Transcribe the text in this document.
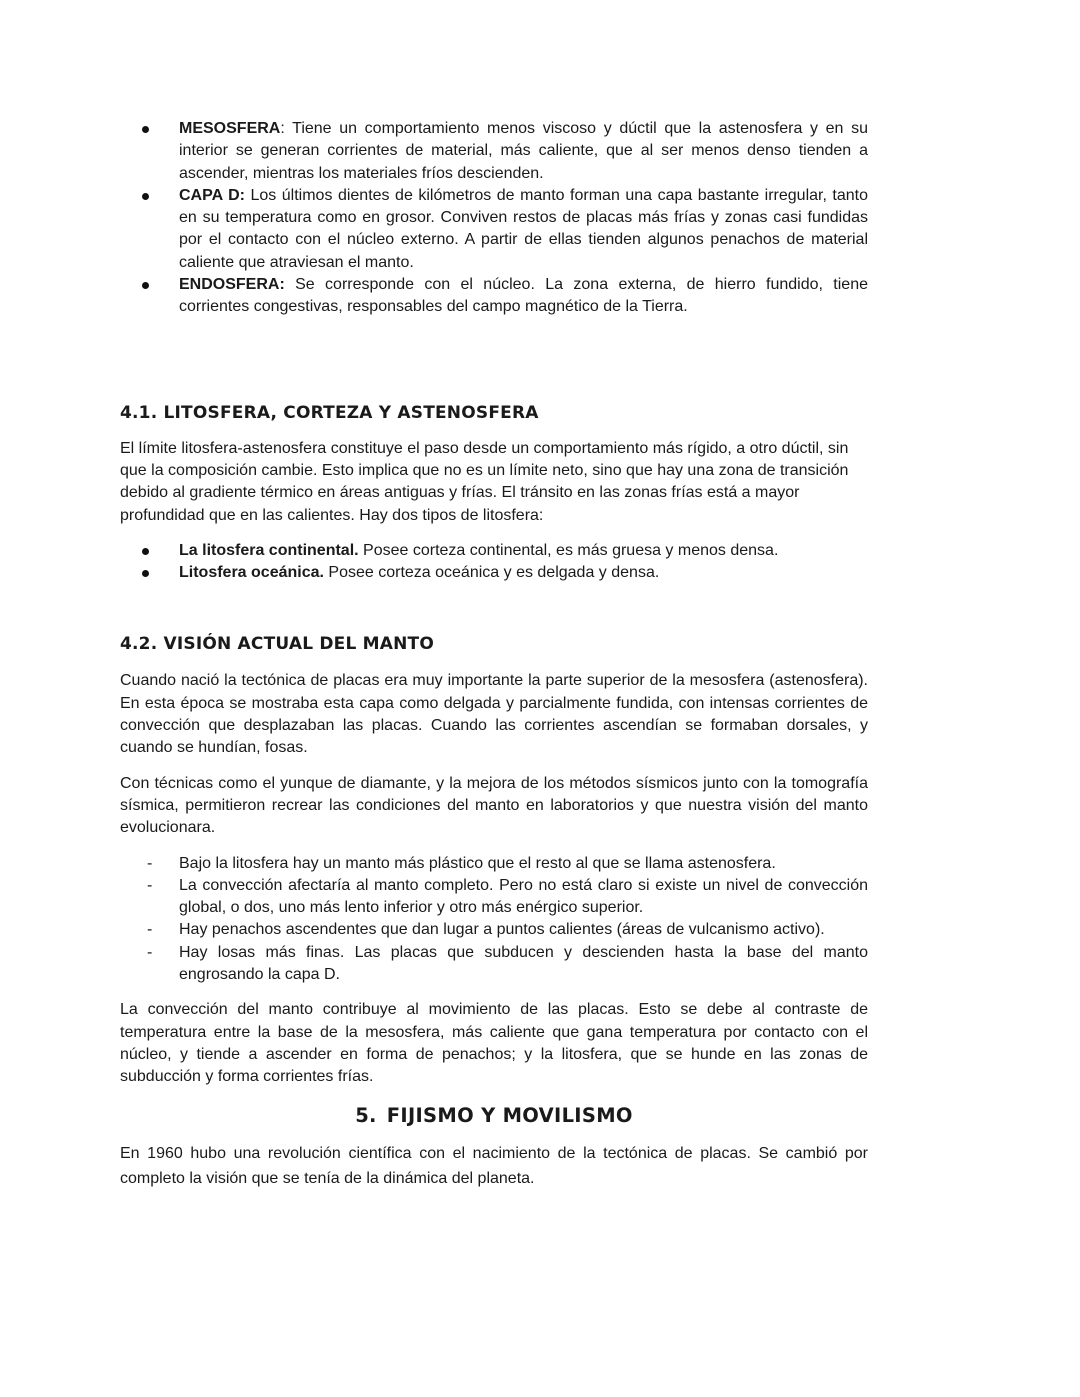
MESOSFERA: Tiene un comportamiento menos viscoso y dúctil que la astenosfera y en su interior se generan corrientes de material, más caliente, que al ser menos denso tienden a ascender, mientras los materiales fríos descienden.
CAPA D: Los últimos dientes de kilómetros de manto forman una capa bastante irregular, tanto en su temperatura como en grosor. Conviven restos de placas más frías y zonas casi fundidas por el contacto con el núcleo externo. A partir de ellas tienden algunos penachos de material caliente que atraviesan el manto.
ENDOSFERA: Se corresponde con el núcleo. La zona externa, de hierro fundido, tiene corrientes congestivas, responsables del campo magnético de la Tierra.
4.1. LITOSFERA, CORTEZA Y ASTENOSFERA

El límite litosfera-astenosfera constituye el paso desde un comportamiento más rígido, a otro dúctil, sin que la composición cambie. Esto implica que no es un límite neto, sino que hay una zona de transición debido al gradiente térmico en áreas antiguas y frías. El tránsito en las zonas frías está a mayor profundidad que en las calientes. Hay dos tipos de litosfera:

La litosfera continental. Posee corteza continental, es más gruesa y menos densa.
Litosfera oceánica. Posee corteza oceánica y es delgada y densa.
4.2. VISIÓN ACTUAL DEL MANTO

Cuando nació la tectónica de placas era muy importante la parte superior de la mesosfera (astenosfera). En esta época se mostraba esta capa como delgada y parcialmente fundida, con intensas corrientes de convección que desplazaban las placas. Cuando las corrientes ascendían se formaban dorsales, y cuando se hundían, fosas.

Con técnicas como el yunque de diamante, y la mejora de los métodos sísmicos junto con la tomografía sísmica, permitieron recrear las condiciones del manto en laboratorios y que nuestra visión del manto evolucionara.

- Bajo la litosfera hay un manto más plástico que el resto al que se llama astenosfera.
- La convección afectaría al manto completo. Pero no está claro si existe un nivel de convección global, o dos, uno más lento inferior y otro más enérgico superior.
- Hay penachos ascendentes que dan lugar a puntos calientes (áreas de vulcanismo activo).
- Hay losas más finas. Las placas que subducen y descienden hasta la base del manto engrosando la capa D.

La convección del manto contribuye al movimiento de las placas. Esto se debe al contraste de temperatura entre la base de la mesosfera, más caliente que gana temperatura por contacto con el núcleo, y tiende a ascender en forma de penachos; y la litosfera, que se hunde en las zonas de subducción y forma corrientes frías.

5. FIJISMO Y MOVILISMO

En 1960 hubo una revolución científica con el nacimiento de la tectónica de placas. Se cambió por completo la visión que se tenía de la dinámica del planeta.
